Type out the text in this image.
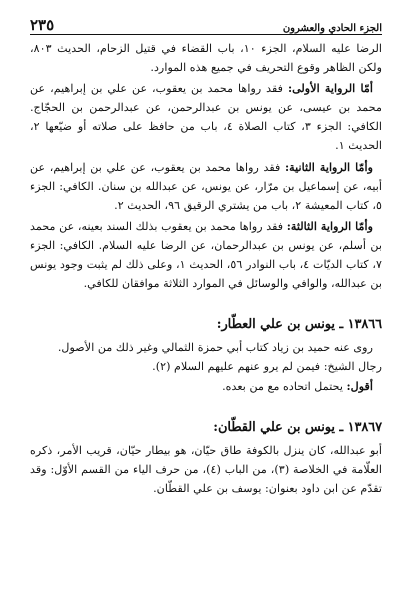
الجزء الحادي والعشرون
٢٣٥

الرضا عليه السلام، الجزء ١٠، باب القضاء في قتيل الزحام، الحديث ٨٠٣، ولكن الظاهر وقوع التحريف في جميع هذه الموارد.

أمّا الرواية الأولى: فقد رواها محمد بن يعقوب، عن علي بن إبراهيم، عن محمد بن عيسى، عن يونس بن عبدالرحمن، عن عبدالرحمن بن الحجّاج. الكافي: الجزء ٣، كتاب الصلاة ٤، باب من حافظ على صلاته أو ضيّعها ٢، الحديث ١.

وأمّا الرواية الثانية: فقد رواها محمد بن يعقوب، عن علي بن إبراهيم، عن أبيه، عن إسماعيل بن مرّار، عن يونس، عن عبدالله بن سنان. الكافي: الجزء ٥، كتاب المعيشة ٢، باب من يشتري الرقيق ٩٦، الحديث ٢.

وأمّا الرواية الثالثة: فقد رواها محمد بن يعقوب بذلك السند بعينه، عن محمد بن أسلم، عن يونس بن عبدالرحمان، عن الرضا عليه السلام. الكافي: الجزء ٧، كتاب الديّات ٤، باب النوادر ٥٦، الحديث ١، وعلى ذلك لم يثبت وجود يونس بن عبدالله، والوافي والوسائل في الموارد الثلاثة موافقان للكافي.

١٣٨٦٦ ـ يونس بن علي العطّار:

روى عنه حميد بن زياد كتاب أبي حمزة الثمالي وغير ذلك من الأصول.

رجال الشيخ: فيمن لم يرو عنهم عليهم السلام (٢).

أقول: يحتمل اتحاده مع من بعده.

١٣٨٦٧ ـ يونس بن علي القطّان:

أبو عبدالله، كان ينزل بالكوفة طاق حيّان، هو بيطار حيّان، قريب الأمر، ذكره العلّامة في الخلاصة (٣)، من الباب (٤)، من حرف الياء من القسم الأوّل: وقد تقدّم عن ابن داود بعنوان: يوسف بن علي القطّان.
